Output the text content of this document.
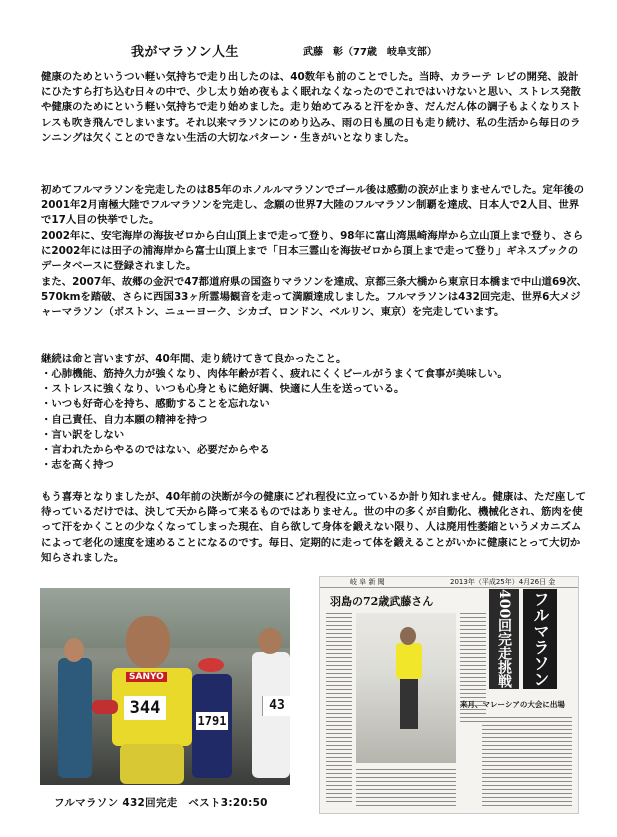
我がマラソン人生	武藤　彰（77歳　岐阜支部）

健康のためというつい軽い気持ちで走り出したのは、40数年も前のことでした。当時、カラーテ レビの開発、設計にひたすら打ち込む日々の中で、少し太り始め夜もよく眠れなくなったのでこれではいけないと思い、ストレス発散や健康のためにという軽い気持ちで走り始めました。走り始めてみると汗をかき、だんだん体の調子もよくなりストレスも吹き飛んでしまいます。それ以来マラソンにのめり込み、雨の日も風の日も走り続け、私の生活から毎日のランニングは欠くことのできない生活の大切なパターン・生きがいとなりました。

初めてフルマラソンを完走したのは85年のホノルルマラソンでゴール後は感動の涙が止まりませんでした。定年後の2001年2月南極大陸でフルマラソンを完走し、念願の世界7大陸のフルマラソン制覇を達成、日本人で2人目、世界で17人目の快挙でした。

2002年に、安宅海岸の海抜ゼロから白山頂上まで走って登り、98年に富山湾黒崎海岸から立山頂上まで登り、さらに2002年には田子の浦海岸から富士山頂上まで「日本三霊山を海抜ゼロから頂上まで走って登り」ギネスブックのデータベースに登録されました。

また、2007年、故郷の金沢で47都道府県の国盗りマラソンを達成、京都三条大橋から東京日本橋まで中山道69次、570kmを踏破、さらに西国33ヶ所霊場観音を走って満願達成しました。フルマラソンは432回完走、世界6大メジャーマラソン（ボストン、ニューヨーク、シカゴ、ロンドン、ベルリン、東京）を完走しています。

継続は命と言いますが、40年間、走り続けてきて良かったこと。

・心肺機能、筋持久力が強くなり、肉体年齢が若く、疲れにくくビールがうまくて食事が美味しい。
・ストレスに強くなり、いつも心身ともに絶好調、快適に人生を送っている。
・いつも好奇心を持ち、感動することを忘れない
・自己責任、自力本願の精神を持つ
・言い訳をしない
・言われたからやるのではない、必要だからやる
・志を高く持つ

もう喜寿となりましたが、40年前の決断が今の健康にどれ程役に立っているか計り知れません。健康は、ただ座して待っているだけでは、決して天から降って来るものではありません。世の中の多くが自動化、機械化され、筋肉を使って汗をかくことの少なくなってしまった現在、自ら欲して身体を鍛えない限り、人は廃用性萎縮というメカニズムによって老化の速度を速めることになるのです。毎日、定期的に走って体を鍛えることがいかに健康にとって大切か知らされました。

SANYO
344
1791
43
フルマラソン 432回完走　ベスト3:20:50
岐 阜 新 聞	2013年（平成25年）4月26日 金
羽島の72歳武藤さん	400回完走挑戦	フルマラソン
来月、マレーシアの大会に出場
